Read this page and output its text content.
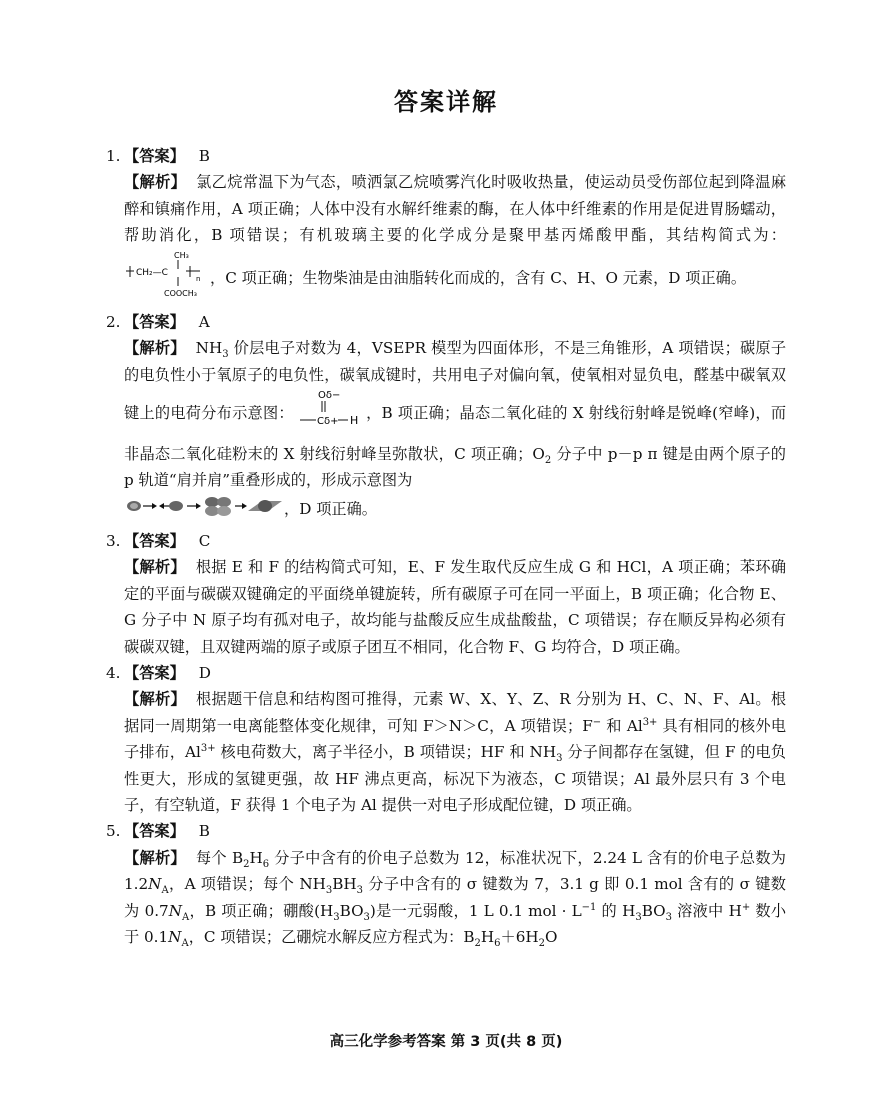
答案详解
1. 【答案】 B
【解析】 氯乙烷常温下为气态，喷洒氯乙烷喷雾汽化时吸收热量，使运动员受伤部位起到降温麻醉和镇痛作用，A 项正确；人体中没有水解纤维素的酶，在人体中纤维素的作用是促进胃肠蠕动，帮助消化，B 项错误；有机玻璃主要的化学成分是聚甲基丙烯酸甲酯，其结构简式为：
CH₃
CH₂—C
n
COOCH₃
，C 项正确；生物柴油是由油脂转化而成的，含有 C、H、O 元素，D 项正确。
2. 【答案】 A
【解析】 $NH_3$ 价层电子对数为 4，VSEPR 模型为四面体形，不是三角锥形，A 项错误；碳原子的电负性小于氧原子的电负性，碳氧成键时，共用电子对偏向氧，使氧相对显负电，醛基中碳氧双键上的电荷分布示意图：
Oδ−
Cδ+ H ，B 项正确；晶态二氧化硅的 X 射线衍射峰是锐峰(窄峰)，而非晶态二氧化硅粉末的 X 射线衍射峰呈弥散状，C 项正确；$O_2$ 分子中 p－p π 键是由两个原子的 p 轨道“肩并肩”重叠形成的，形成示意图为
，D 项正确。
3. 【答案】 C
【解析】 根据 E 和 F 的结构简式可知，E、F 发生取代反应生成 G 和 HCl，A 项正确；苯环确定的平面与碳碳双键确定的平面绕单键旋转，所有碳原子可在同一平面上，B 项正确；化合物 E、G 分子中 N 原子均有孤对电子，故均能与盐酸反应生成盐酸盐，C 项错误；存在顺反异构必须有碳碳双键，且双键两端的原子或原子团互不相同，化合物 F、G 均符合，D 项正确。
4. 【答案】 D
【解析】 根据题干信息和结构图可推得，元素 W、X、Y、Z、R 分别为 H、C、N、F、Al。根据同一周期第一电离能整体变化规律，可知 F＞N＞C，A 项错误；F− 和 $Al^{3+}$ 具有相同的核外电子排布，$Al^{3+}$ 核电荷数大，离子半径小，B 项错误；HF 和 $NH_3$ 分子间都存在氢键，但 F 的电负性更大，形成的氢键更强，故 HF 沸点更高，标况下为液态，C 项错误；Al 最外层只有 3 个电子，有空轨道，F 获得 1 个电子为 Al 提供一对电子形成配位键，D 项正确。
5. 【答案】 B
【解析】 每个 $B_2H_6$ 分子中含有的价电子总数为 12，标准状况下，2.24 L 含有的价电子总数为 $1.2N_A$，A 项错误；每个 $NH_3BH_3$ 分子中含有的 σ 键数为 7，3.1 g 即 0.1 mol 含有的 σ 键数为 $0.7N_A$，B 项正确；硼酸$(H_3BO_3)$是一元弱酸，1 L 0.1 mol · $L^{-1}$ 的 $H_3BO_3$ 溶液中 H+ 数小于 $0.1N_A$，C 项错误；乙硼烷水解反应方程式为：$B_2H_6+6H_2O$
高三化学参考答案 第 3 页(共 8 页)
